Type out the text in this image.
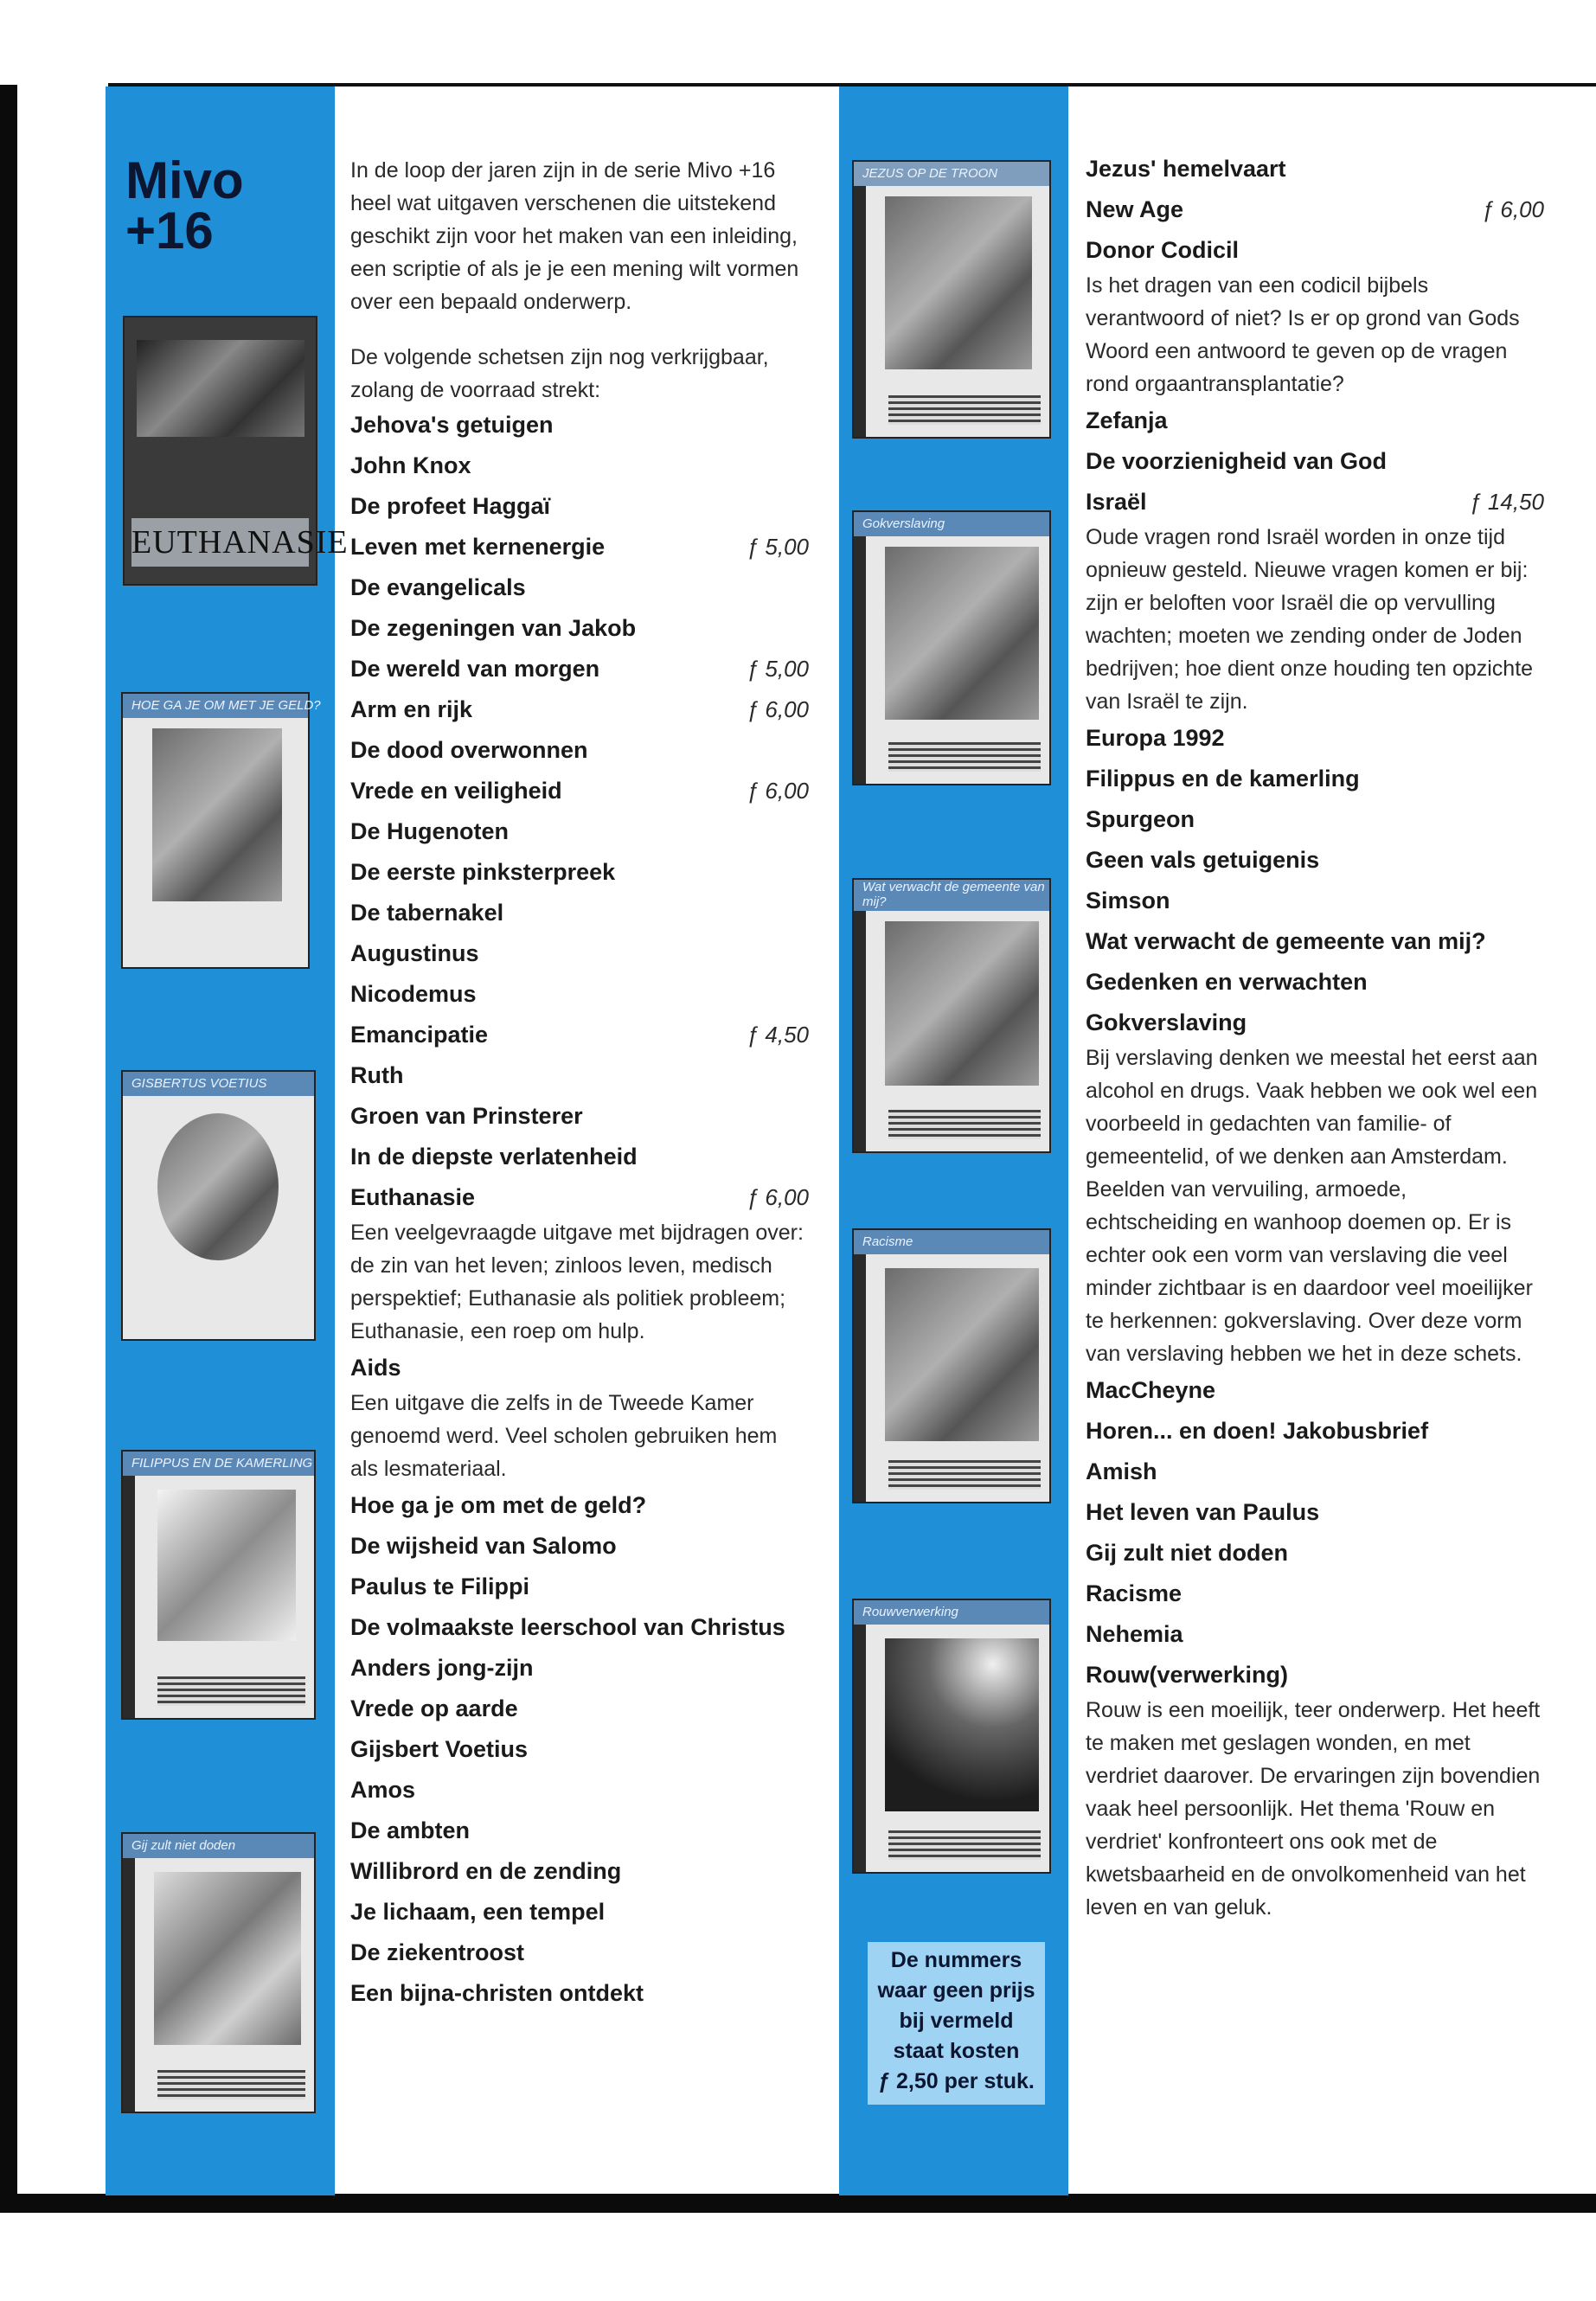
Mivo
+16
EUTHANASIE
HOE GA JE OM MET JE GELD?
GISBERTUS VOETIUS
FILIPPUS EN DE KAMERLING
Gij zult niet doden
JEZUS OP DE TROON
Gokverslaving
Wat verwacht de gemeente van mij?
Racisme
Rouwverwerking
De nummers
waar geen prijs
bij vermeld
staat kosten
ƒ 2,50 per stuk.

In de loop der jaren zijn in de serie Mivo +16 heel wat uitgaven verschenen die uitstekend geschikt zijn voor het maken van een inleiding, een scriptie of als je je een mening wilt vormen over een bepaald onderwerp.

De volgende schetsen zijn nog verkrijgbaar, zolang de voorraad strekt:

Jehova's getuigen
John Knox
De profeet Haggaï
Leven met kernenergie	ƒ 5,00
De evangelicals
De zegeningen van Jakob
De wereld van morgen	ƒ 5,00
Arm en rijk	ƒ 6,00
De dood overwonnen
Vrede en veiligheid	ƒ 6,00
De Hugenoten
De eerste pinksterpreek
De tabernakel
Augustinus
Nicodemus
Emancipatie	ƒ 4,50
Ruth
Groen van Prinsterer
In de diepste verlatenheid
Euthanasie	ƒ 6,00

Een veelgevraagde uitgave met bijdragen over: de zin van het leven; zinloos leven, medisch perspektief; Euthanasie als politiek probleem; Euthanasie, een roep om hulp.

Aids

Een uitgave die zelfs in de Tweede Kamer genoemd werd. Veel scholen gebruiken hem als lesmateriaal.

Hoe ga je om met de geld?
De wijsheid van Salomo
Paulus te Filippi
De volmaakste leerschool van Christus
Anders jong-zijn
Vrede op aarde
Gijsbert Voetius
Amos
De ambten
Willibrord en de zending
Je lichaam, een tempel
De ziekentroost
Een bijna-christen ontdekt
Jezus' hemelvaart
New Age	ƒ 6,00
Donor Codicil

Is het dragen van een codicil bijbels verantwoord of niet? Is er op grond van Gods Woord een antwoord te geven op de vragen rond orgaantransplantatie?

Zefanja
De voorzienigheid van God
Israël	ƒ 14,50

Oude vragen rond Israël worden in onze tijd opnieuw gesteld. Nieuwe vragen komen er bij: zijn er beloften voor Israël die op vervulling wachten; moeten we zending onder de Joden bedrijven; hoe dient onze houding ten opzichte van Israël te zijn.

Europa 1992
Filippus en de kamerling
Spurgeon
Geen vals getuigenis
Simson
Wat verwacht de gemeente van mij?
Gedenken en verwachten
Gokverslaving

Bij verslaving denken we meestal het eerst aan alcohol en drugs. Vaak hebben we ook wel een voorbeeld in gedachten van familie- of gemeentelid, of we denken aan Amsterdam. Beelden van vervuiling, armoede, echtscheiding en wanhoop doemen op. Er is echter ook een vorm van verslaving die veel minder zichtbaar is en daardoor veel moeilijker te herkennen: gokverslaving. Over deze vorm van verslaving hebben we het in deze schets.

MacCheyne
Horen... en doen! Jakobusbrief
Amish
Het leven van Paulus
Gij zult niet doden
Racisme
Nehemia
Rouw(verwerking)

Rouw is een moeilijk, teer onderwerp. Het heeft te maken met geslagen wonden, en met verdriet daarover. De ervaringen zijn bovendien vaak heel persoonlijk. Het thema 'Rouw en verdriet' konfronteert ons ook met de kwetsbaarheid en de onvolkomenheid van het leven en van geluk.
